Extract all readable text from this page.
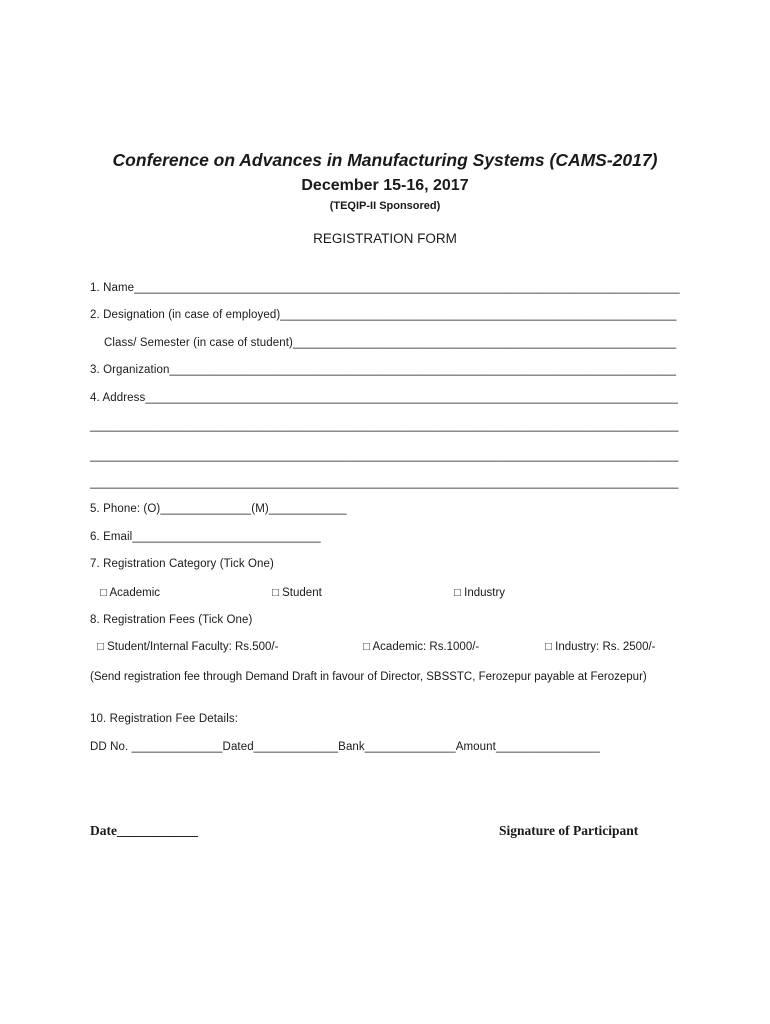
Conference on Advances in Manufacturing Systems (CAMS-2017)
December 15-16, 2017
(TEQIP-II Sponsored)
REGISTRATION FORM
1. Name____________________________________________________________________________________
2. Designation (in case of employed)_____________________________________________________________
Class/ Semester (in case of student)___________________________________________________________
3. Organization______________________________________________________________________________
4. Address__________________________________________________________________________________
____________________________________________________________________________________________
____________________________________________________________________________________________
____________________________________________________________________________________________
5. Phone: (O)______________(M)____________
6. Email_____________________________
7. Registration Category (Tick One)
□ Academic	□ Student	□ Industry
8. Registration Fees (Tick One)
□ Student/Internal Faculty: Rs.500/-	□ Academic: Rs.1000/-	□ Industry: Rs. 2500/-
(Send registration fee through Demand Draft in favour of Director, SBSSTC, Ferozepur payable at Ferozepur)
10. Registration Fee Details:
DD No. ______________Dated_____________Bank______________Amount________________
Date____________	Signature of Participant
